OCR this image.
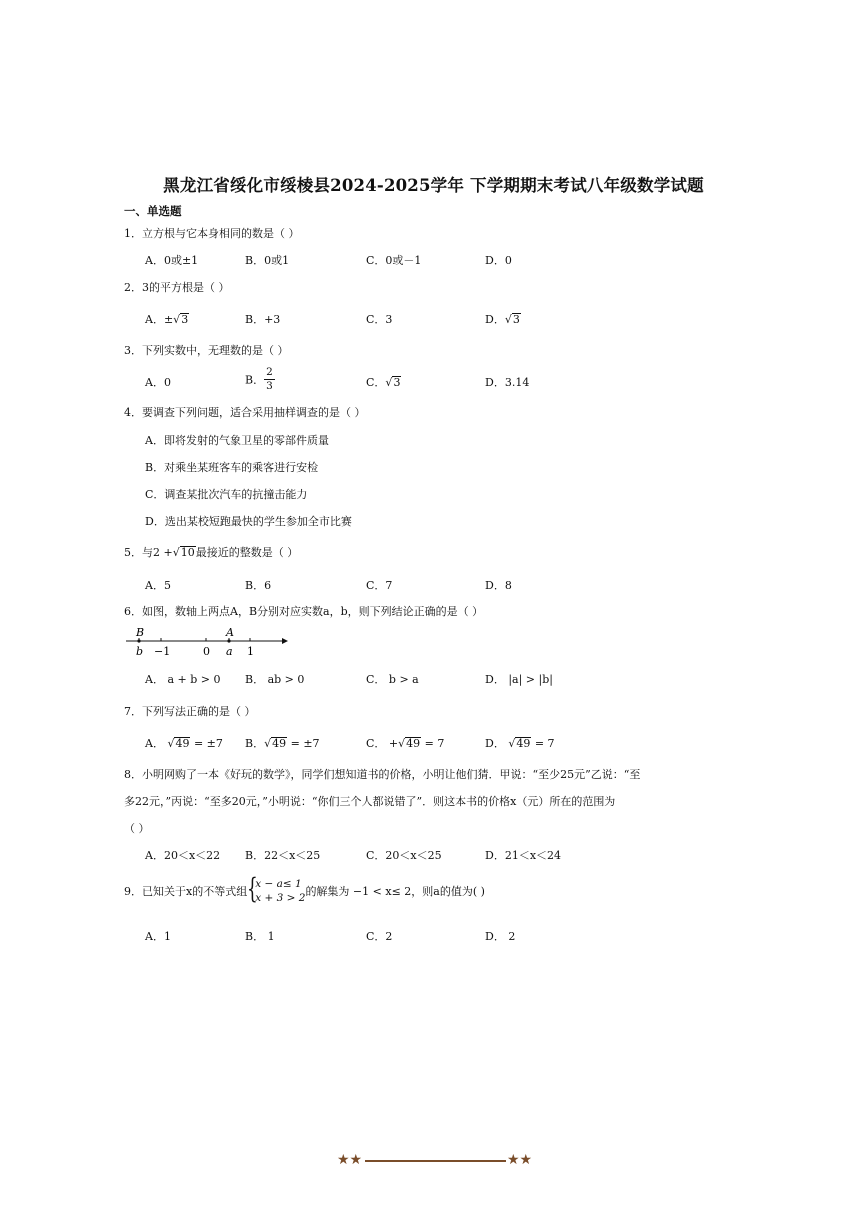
黑龙江省绥化市绥棱县2024-2025学年 下学期期末考试八年级数学试题
一、单选题
1．立方根与它本身相同的数是（ ）
A．0或±1	B．0或1	C．0或－1	D．0
2．3的平方根是（ ）
A．±√3	B．+3	C．3	D．√3
3．下列实数中，无理数的是（ ）
A．0	B． $\frac{2}{3}$	C．√3	D．3.14
4．要调查下列问题，适合采用抽样调查的是（ ）
A．即将发射的气象卫星的零部件质量
B．对乘坐某班客车的乘客进行安检
C．调查某批次汽车的抗撞击能力
D．选出某校短跑最快的学生参加全市比赛
5．与2 +√10最接近的整数是（ ）
A．5	B．6	C．7	D．8
6．如图，数轴上两点A，B分别对应实数a，b，则下列结论正确的是（ ）
B
b −1	0
A
a 1
A． a + b > 0 B． ab > 0	C． b > a	D． |a| > |b|
7．下列写法正确的是（ ）
A． √49 = ±7 B．√49 = ±7	C． +√49 = 7	D． √49 = 7
8．小明网购了一本《好玩的数学》，同学们想知道书的价格，小明让他们猜．甲说：“至少25元”乙说：“至
多22元，”丙说：“至多20元，”小明说：“你们三个人都说错了”．则这本书的价格x（元）所在的范围为
（ ）
A．20＜x＜22 B．22＜x＜25	C．20＜x＜25	D．21＜x＜24
9．已知关于x的不等式组 {
x − a≤ 1
x + 3 > 2 的解集为 −1 < x≤ 2，则a的值为( )
A．1	B． 1	C．2	D． 2
★★	★★
